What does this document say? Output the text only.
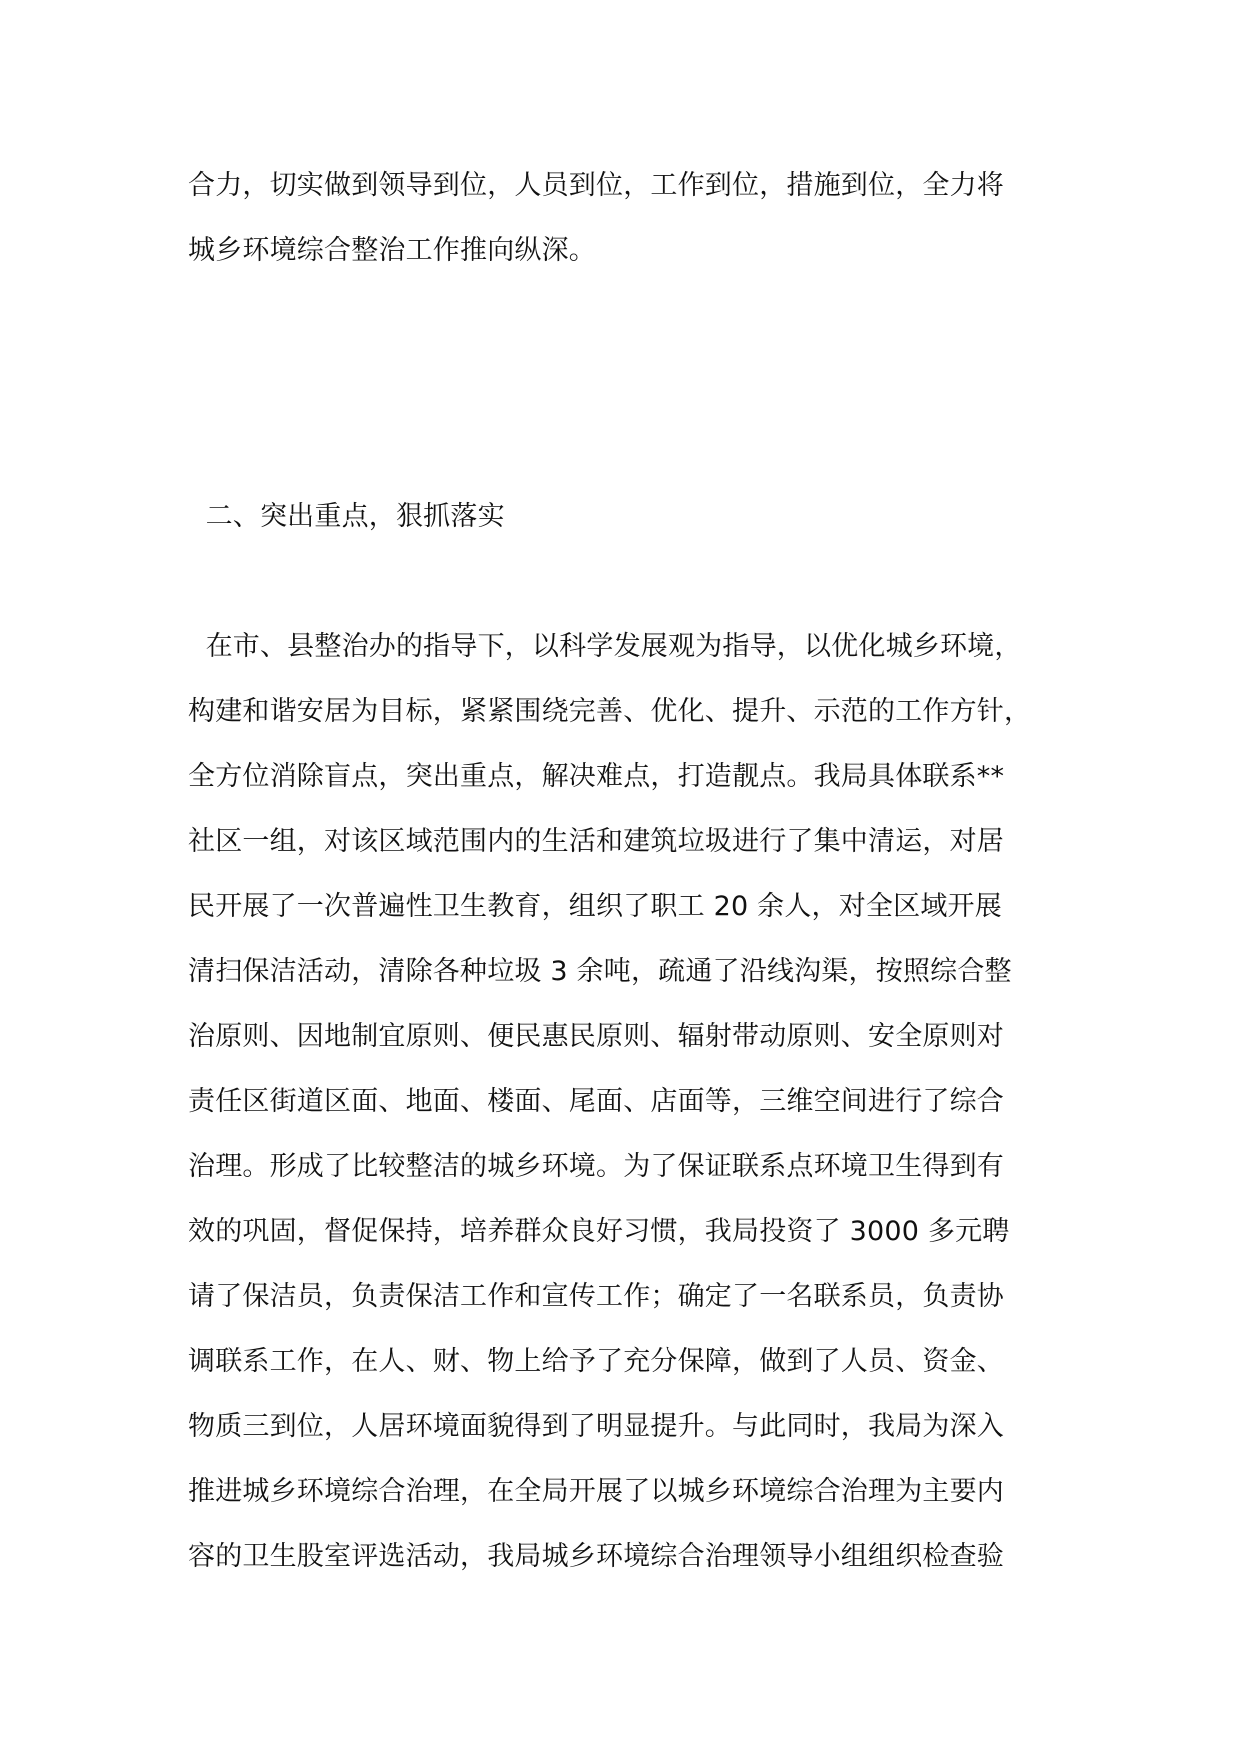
合力，切实做到领导到位，人员到位，工作到位，措施到位，全力将
城乡环境综合整治工作推向纵深。
二、突出重点，狠抓落实
在市、县整治办的指导下，以科学发展观为指导，以优化城乡环境，
构建和谐安居为目标，紧紧围绕完善、优化、提升、示范的工作方针，
全方位消除盲点，突出重点，解决难点，打造靓点。我局具体联系**
社区一组，对该区域范围内的生活和建筑垃圾进行了集中清运，对居
民开展了一次普遍性卫生教育，组织了职工 20 余人，对全区域开展
清扫保洁活动，清除各种垃圾 3 余吨，疏通了沿线沟渠，按照综合整
治原则、因地制宜原则、便民惠民原则、辐射带动原则、安全原则对
责任区街道区面、地面、楼面、尾面、店面等，三维空间进行了综合
治理。形成了比较整洁的城乡环境。为了保证联系点环境卫生得到有
效的巩固，督促保持，培养群众良好习惯，我局投资了 3000 多元聘
请了保洁员，负责保洁工作和宣传工作；确定了一名联系员，负责协
调联系工作，在人、财、物上给予了充分保障，做到了人员、资金、
物质三到位，人居环境面貌得到了明显提升。与此同时，我局为深入
推进城乡环境综合治理，在全局开展了以城乡环境综合治理为主要内
容的卫生股室评选活动，我局城乡环境综合治理领导小组组织检查验
